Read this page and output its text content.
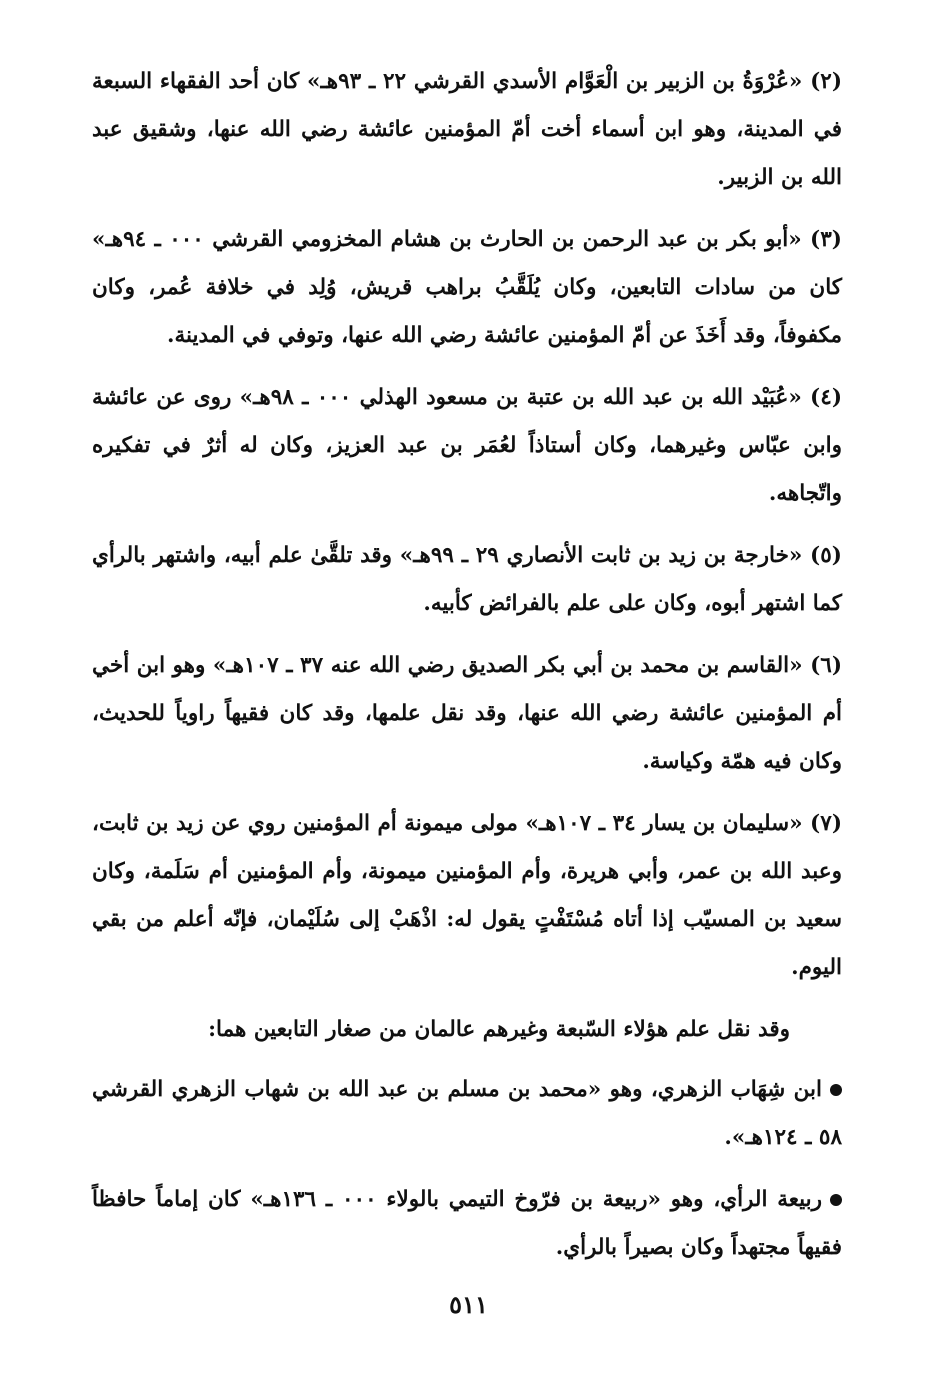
(٢) «عُرْوَةُ بن الزبير بن الْعَوَّام الأسدي القرشي ٢٢ ـ ٩٣هـ» كان أحد الفقهاء السبعة في المدينة، وهو ابن أسماء أخت أمّ المؤمنين عائشة رضي الله عنها، وشقيق عبد الله بن الزبير.

(٣) «أبو بكر بن عبد الرحمن بن الحارث بن هشام المخزومي القرشي ٠٠٠ ـ ٩٤هـ» كان من سادات التابعين، وكان يُلَقَّبُ براهب قريش، وُلِد في خلافة عُمر، وكان مكفوفاً، وقد أَخَذَ عن أمّ المؤمنين عائشة رضي الله عنها، وتوفي في المدينة.

(٤) «عُبَيْد الله بن عبد الله بن عتبة بن مسعود الهذلي ٠٠٠ ـ ٩٨هـ» روى عن عائشة وابن عبّاس وغيرهما، وكان أستاذاً لعُمَر بن عبد العزيز، وكان له أثرٌ في تفكيره واتّجاهه.

(٥) «خارجة بن زيد بن ثابت الأنصاري ٢٩ ـ ٩٩هـ» وقد تلقَّىٰ علم أبيه، واشتهر بالرأي كما اشتهر أبوه، وكان على علم بالفرائض كأبيه.

(٦) «القاسم بن محمد بن أبي بكر الصديق رضي الله عنه ٣٧ ـ ١٠٧هـ» وهو ابن أخي أم المؤمنين عائشة رضي الله عنها، وقد نقل علمها، وقد كان فقيهاً راوياً للحديث، وكان فيه همّة وكياسة.

(٧) «سليمان بن يسار ٣٤ ـ ١٠٧هـ» مولى ميمونة أم المؤمنين روي عن زيد بن ثابت، وعبد الله بن عمر، وأبي هريرة، وأم المؤمنين ميمونة، وأم المؤمنين أم سَلَمة، وكان سعيد بن المسيّب إذا أتاه مُسْتَفْتٍ يقول له: اذْهَبْ إلى سُلَيْمان، فإنّه أعلم من بقي اليوم.

وقد نقل علم هؤلاء السّبعة وغيرهم عالمان من صغار التابعين هما:

ابن شِهَاب الزهري، وهو «محمد بن مسلم بن عبد الله بن شهاب الزهري القرشي ٥٨ ـ ١٢٤هـ».

ربيعة الرأي، وهو «ربيعة بن فرّوخ التيمي بالولاء ٠٠٠ ـ ١٣٦هـ» كان إماماً حافظاً فقيهاً مجتهداً وكان بصيراً بالرأي.

٥١١
